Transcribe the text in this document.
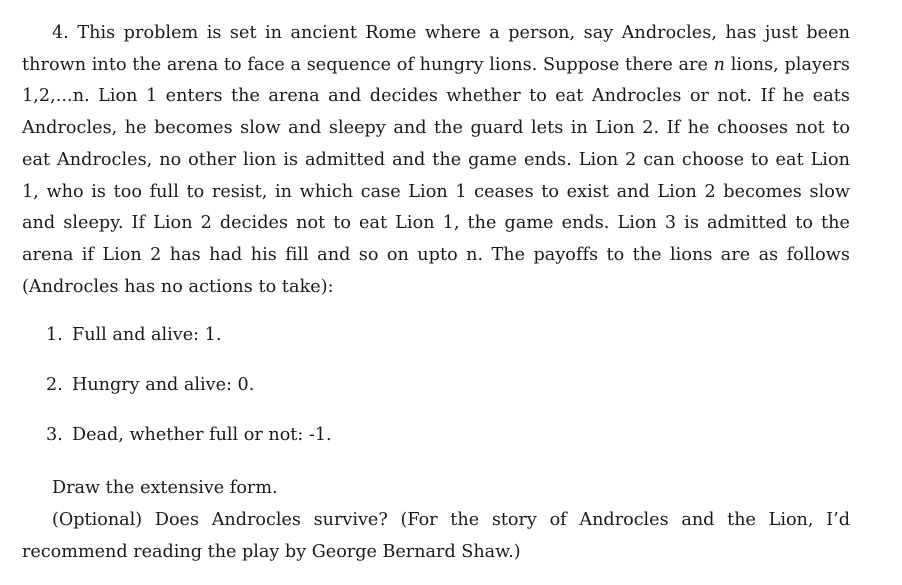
4. This problem is set in ancient Rome where a person, say Androcles, has just been thrown into the arena to face a sequence of hungry lions. Suppose there are n lions, players 1,2,...n. Lion 1 enters the arena and decides whether to eat Androcles or not. If he eats Androcles, he becomes slow and sleepy and the guard lets in Lion 2. If he chooses not to eat Androcles, no other lion is admitted and the game ends. Lion 2 can choose to eat Lion 1, who is too full to resist, in which case Lion 1 ceases to exist and Lion 2 becomes slow and sleepy. If Lion 2 decides not to eat Lion 1, the game ends. Lion 3 is admitted to the arena if Lion 2 has had his fill and so on upto n. The payoffs to the lions are as follows (Androcles has no actions to take):

1. Full and alive: 1.
2. Hungry and alive: 0.
3. Dead, whether full or not: -1.

Draw the extensive form.

(Optional) Does Androcles survive? (For the story of Androcles and the Lion, I’d recommend reading the play by George Bernard Shaw.)
